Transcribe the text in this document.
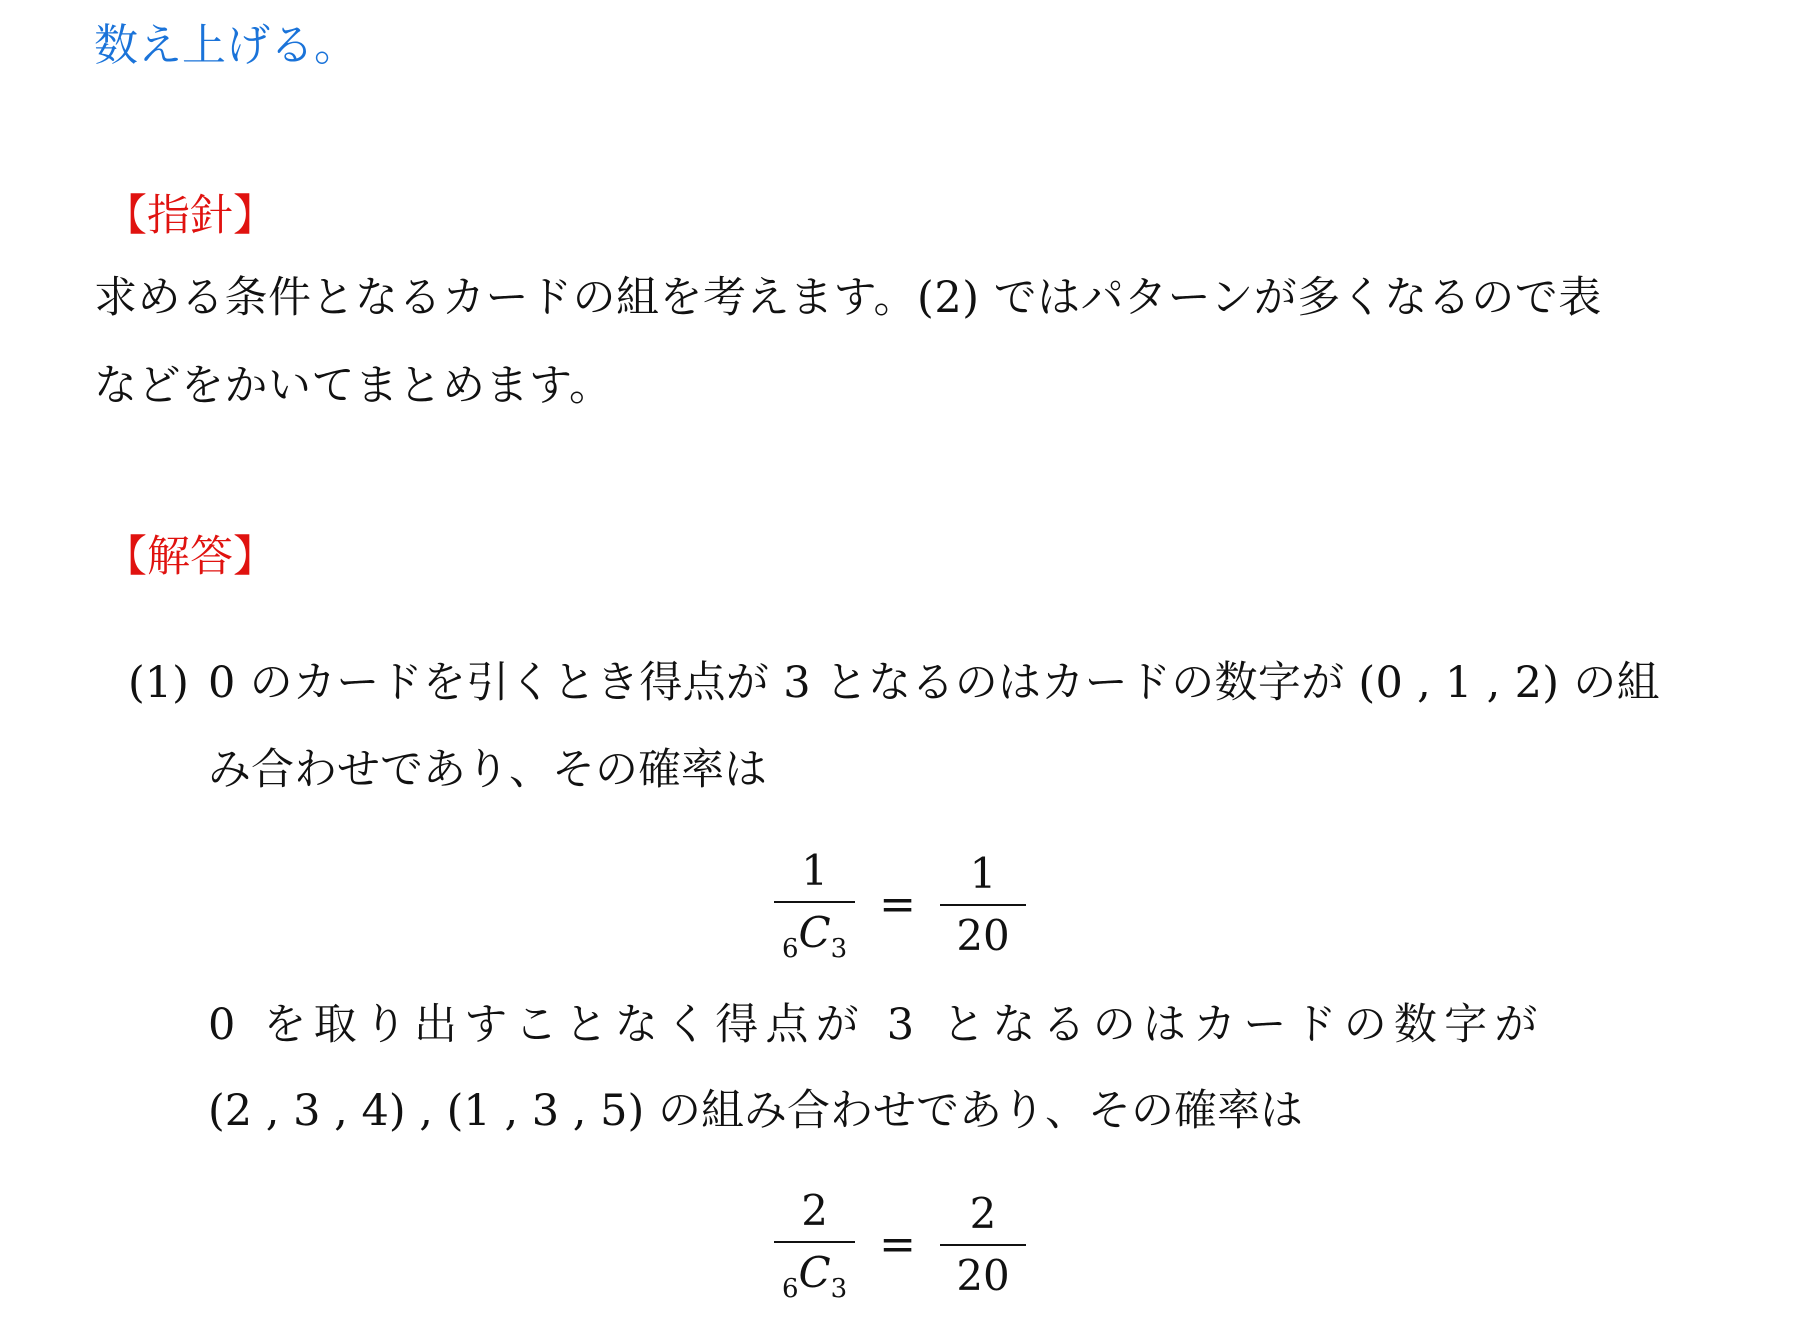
数え上げる。
【指針】
求める条件となるカードの組を考えます。(2) ではパターンが多くなるので表
などをかいてまとめます。
【解答】
(1) 0 のカードを引くとき得点が 3 となるのはカードの数字が (0 , 1 , 2) の組
み合わせであり、その確率は
$\frac{1}{6 C 3} = \frac{1}{20}$
0 を取り出すことなく得点が 3 となるのはカードの数字が
(2 , 3 , 4) , (1 , 3 , 5) の組み合わせであり、その確率は
$\frac{2}{6 C 3} = \frac{2}{20}$
